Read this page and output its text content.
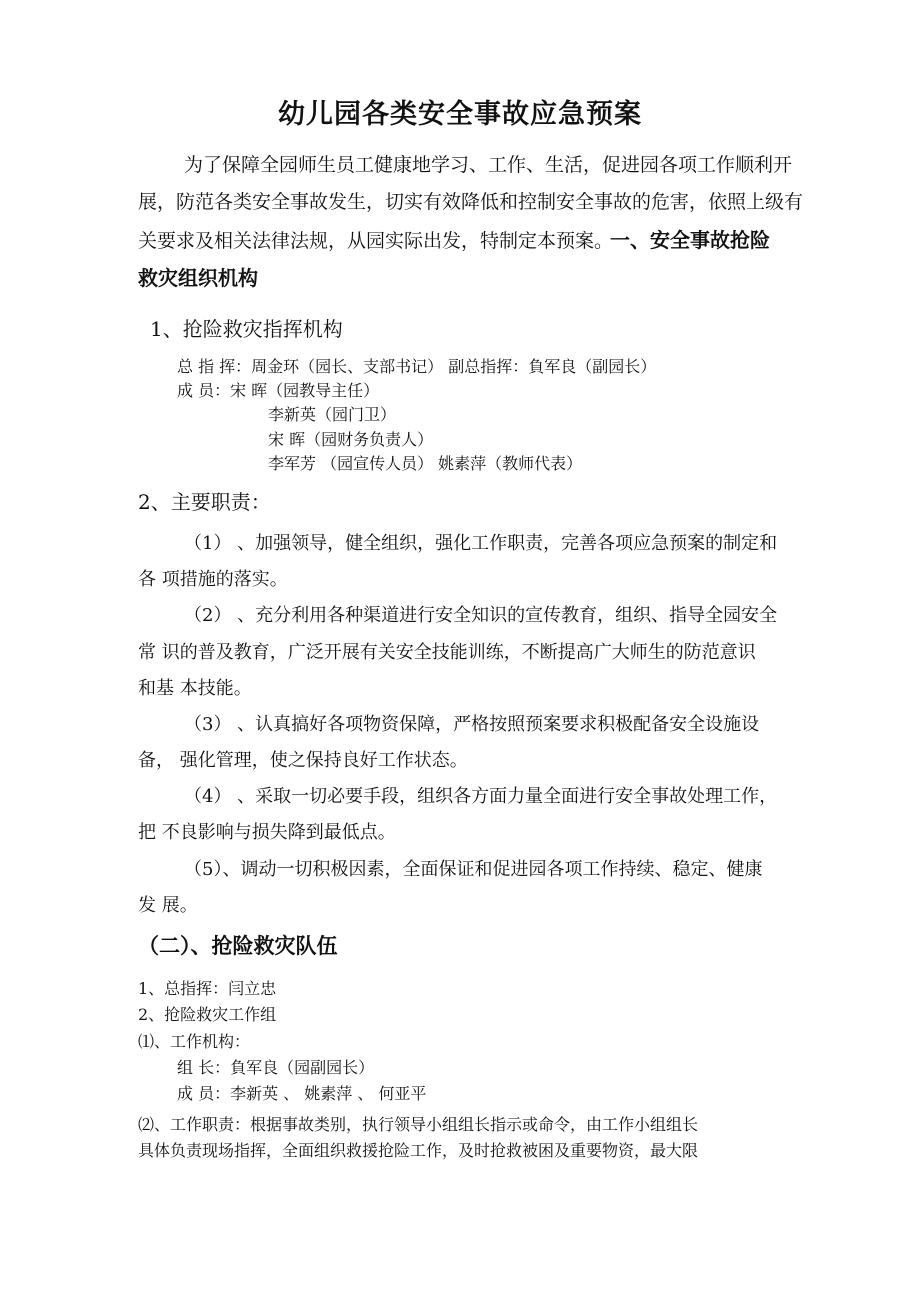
幼儿园各类安全事故应急预案
为了保障全园师生员工健康地学习、工作、生活，促进园各项工作顺利开
展，防范各类安全事故发生，切实有效降低和控制安全事故的危害，依照上级有
关要求及相关法律法规，从园实际出发，特制定本预案。
一、安全事故抢险
救灾组织机构
1、抢险救灾指挥机构
总 指 挥：周金环（园长、支部书记） 副总指挥：負军良（副园长）
成 员：宋 晖（园教导主任）
李新英（园门卫）
宋 晖（园财务负责人）
李军芳 （园宣传人员） 姚素萍（教师代表）
2、主要职责：
（1） 、加强领导，健全组织，强化工作职责，完善各项应急预案的制定和
各 项措施的落实。
（2） 、充分利用各种渠道进行安全知识的宣传教育，组织、指导全园安全
常 识的普及教育，广泛开展有关安全技能训练，不断提高广大师生的防范意识
和基 本技能。
（3） 、认真搞好各项物资保障，严格按照预案要求积极配备安全设施设
备， 强化管理，使之保持良好工作状态。
（4） 、采取一切必要手段，组织各方面力量全面进行安全事故处理工作，
把 不良影响与损失降到最低点。
（5）、调动一切积极因素，全面保证和促进园各项工作持续、稳定、健康
发 展。
（二）、抢险救灾队伍
1、总指挥：闫立忠
2、抢险救灾工作组
⑴、工作机构：
组 长：負军良（园副园长）
成 员：李新英 、 姚素萍 、 何亚平
⑵、工作职责：根据事故类别，执行领导小组组长指示或命令，由工作小组组长
具体负责现场指挥，全面组织救援抢险工作，及时抢救被困及重要物资，最大限
